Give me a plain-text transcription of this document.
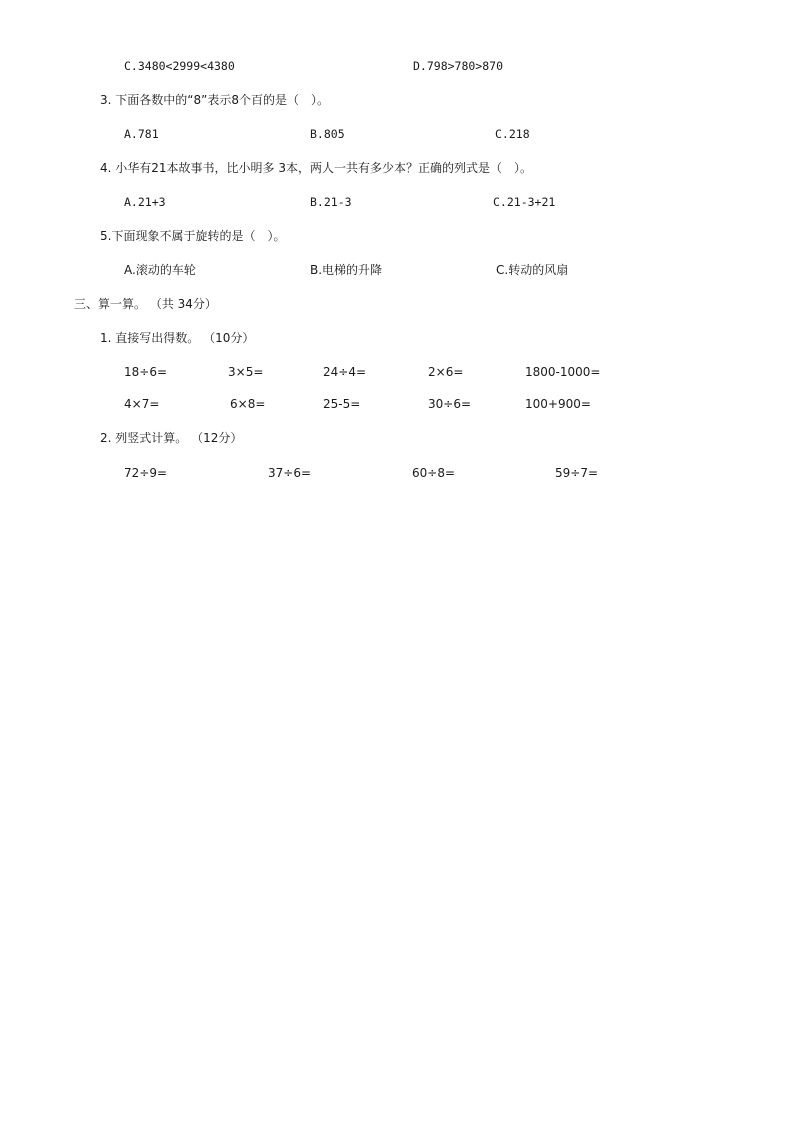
C.3480<2999<4380	D.798>780>870
3. 下面各数中的“8”表示8个百的是（　）。
A.781	B.805	C.218
4. 小华有21本故事书，比小明多 3本，两人一共有多少本？正确的列式是（　）。
A.21+3	B.21-3	C.21-3+21
5.下面现象不属于旋转的是（　）。
A.滚动的车轮	B.电梯的升降	C.转动的风扇
三、算一算。 （共 34分）
1. 直接写出得数。 （10分）
18÷6=	3×5=	24÷4=	2×6=	1800-1000=
4×7=	6×8=	25-5=	30÷6=	100+900=
2. 列竖式计算。 （12分）
72÷9=	37÷6=	60÷8=	59÷7=
